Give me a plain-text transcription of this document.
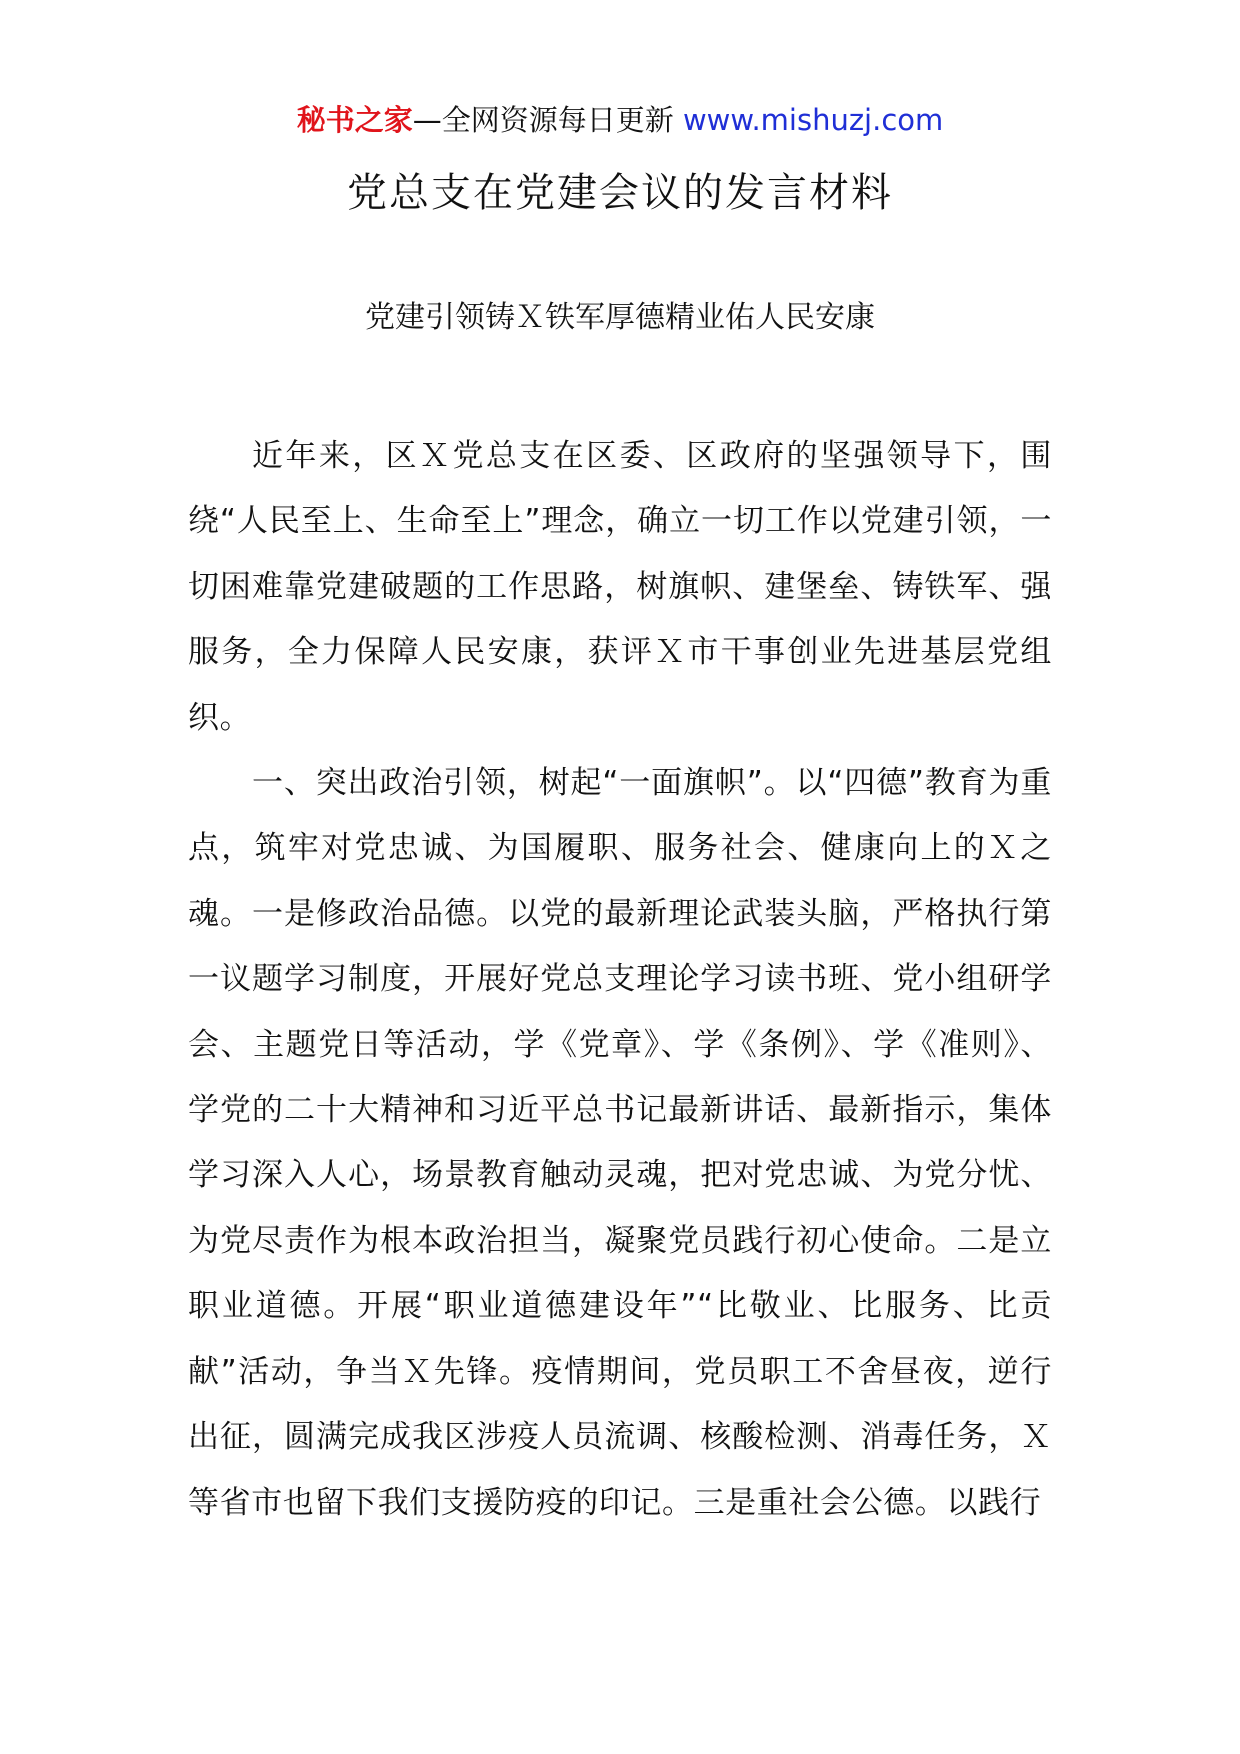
秘书之家—全网资源每日更新 www.mishuzj.com
党总支在党建会议的发言材料
党建引领铸Ｘ铁军厚德精业佑人民安康

近年来，区Ｘ党总支在区委、区政府的坚强领导下，围绕“人民至上、生命至上”理念，确立一切工作以党建引领，一切困难靠党建破题的工作思路，树旗帜、建堡垒、铸铁军、强服务，全力保障人民安康，获评Ｘ市干事创业先进基层党组织。

一、突出政治引领，树起“一面旗帜”。以“四德”教育为重点，筑牢对党忠诚、为国履职、服务社会、健康向上的Ｘ之魂。一是修政治品德。以党的最新理论武装头脑，严格执行第一议题学习制度，开展好党总支理论学习读书班、党小组研学会、主题党日等活动，学《党章》、学《条例》、学《准则》、学党的二十大精神和习近平总书记最新讲话、最新指示，集体学习深入人心，场景教育触动灵魂，把对党忠诚、为党分忧、为党尽责作为根本政治担当，凝聚党员践行初心使命。二是立职业道德。开展“职业道德建设年”“比敬业、比服务、比贡献”活动，争当Ｘ先锋。疫情期间，党员职工不舍昼夜，逆行出征，圆满完成我区涉疫人员流调、核酸检测、消毒任务，Ｘ等省市也留下我们支援防疫的印记。三是重社会公德。以践行
